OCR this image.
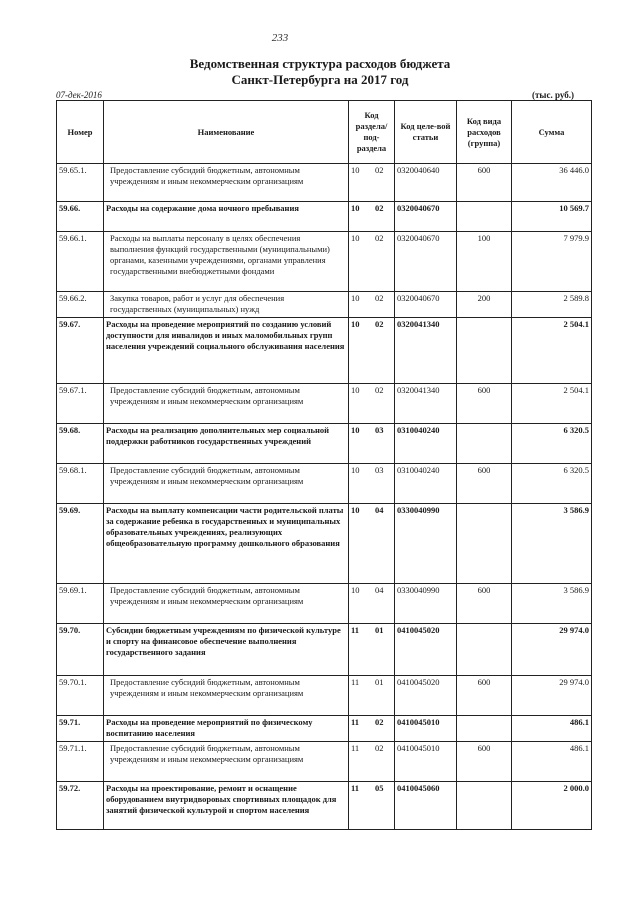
233
Ведомственная структура расходов бюджета
Санкт-Петербурга на 2017 год
07-дек-2016	(тыс. руб.)
Номер	Наименование	Код раздела/ под-раздела	Код целе-вой статьи	Код вида расходов (группа)	Сумма
59.65.1.	Предоставление субсидий бюджетным, автономным учреждениям и иным некоммерческим организациям	10 02	0320040640	600	36 446.0
59.66.	Расходы на содержание дома ночного пребывания	10 02	0320040670		10 569.7
59.66.1.	Расходы на выплаты персоналу в целях обеспечения выполнения функций государственными (муниципальными) органами, казенными учреждениями, органами управления государственными внебюджетными фондами	10 02	0320040670	100	7 979.9
59.66.2.	Закупка товаров, работ и услуг для обеспечения государственных (муниципальных) нужд	10 02	0320040670	200	2 589.8
59.67.	Расходы на проведение мероприятий по созданию условий доступности для инвалидов и иных маломобильных групп населения учреждений социального обслуживания населения	10 02	0320041340		2 504.1
59.67.1.	Предоставление субсидий бюджетным, автономным учреждениям и иным некоммерческим организациям	10 02	0320041340	600	2 504.1
59.68.	Расходы на реализацию дополнительных мер социальной поддержки работников государственных учреждений	10 03	0310040240		6 320.5
59.68.1.	Предоставление субсидий бюджетным, автономным учреждениям и иным некоммерческим организациям	10 03	0310040240	600	6 320.5
59.69.	Расходы на выплату компенсации части родительской платы за содержание ребенка в государственных и муниципальных образовательных учреждениях, реализующих общеобразовательную программу дошкольного образования	10 04	0330040990		3 586.9
59.69.1.	Предоставление субсидий бюджетным, автономным учреждениям и иным некоммерческим организациям	10 04	0330040990	600	3 586.9
59.70.	Субсидии бюджетным учреждениям по физической культуре и спорту на финансовое обеспечение выполнения государственного задания	11 01	0410045020		29 974.0
59.70.1.	Предоставление субсидий бюджетным, автономным учреждениям и иным некоммерческим организациям	11 01	0410045020	600	29 974.0
59.71.	Расходы на проведение мероприятий по физическому воспитанию населения	11 02	0410045010		486.1
59.71.1.	Предоставление субсидий бюджетным, автономным учреждениям и иным некоммерческим организациям	11 02	0410045010	600	486.1
59.72.	Расходы на проектирование, ремонт и оснащение оборудованием внутридворовых спортивных площадок для занятий физической культурой и спортом населения	11 05	0410045060		2 000.0
